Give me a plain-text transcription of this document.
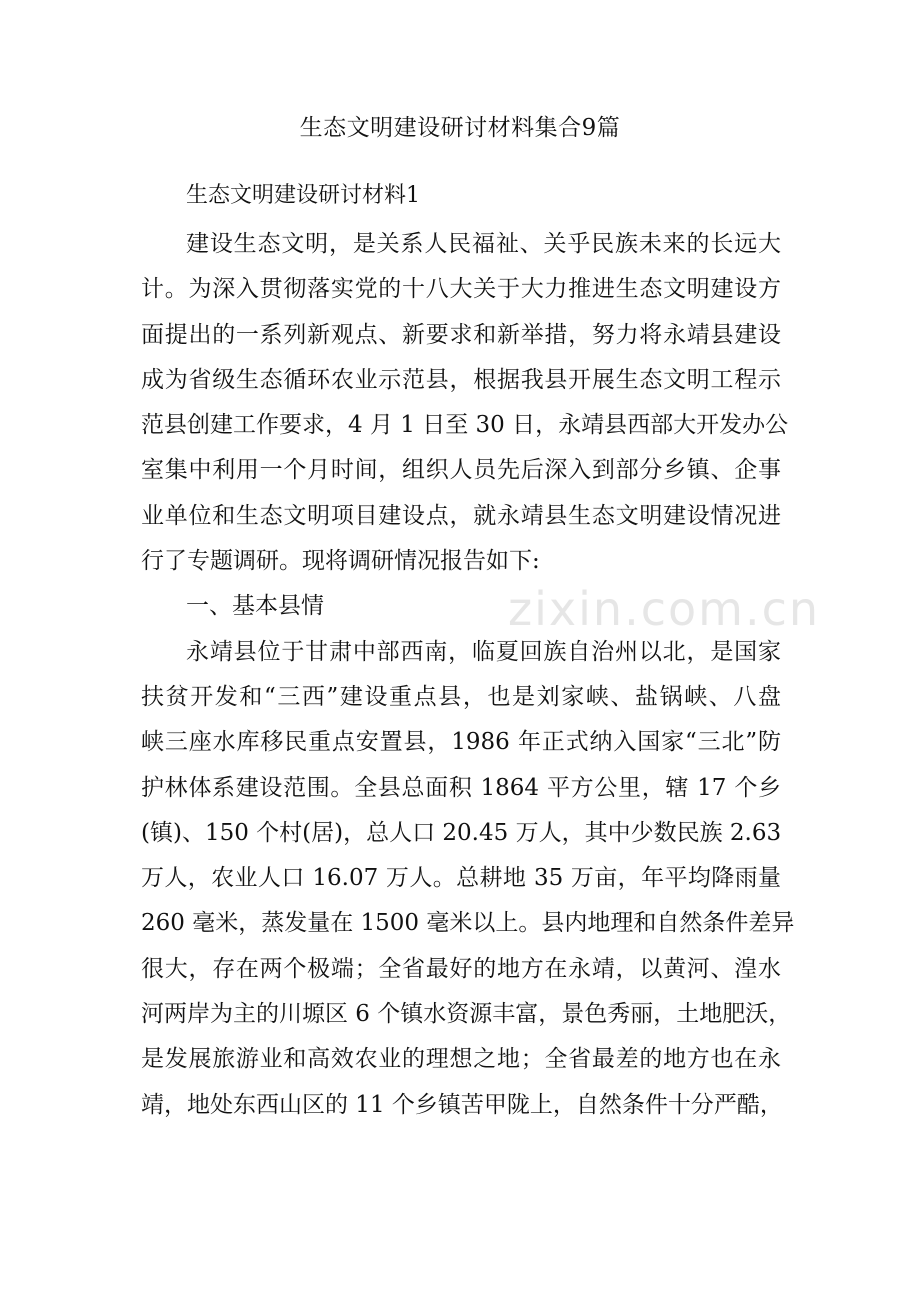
zixin.com.cn
生态文明建设研讨材料集合9篇
生态文明建设研讨材料1
建设生态文明，是关系人民福祉、关乎民族未来的长远大
计。为深入贯彻落实党的十八大关于大力推进生态文明建设方
面提出的一系列新观点、新要求和新举措，努力将永靖县建设
成为省级生态循环农业示范县，根据我县开展生态文明工程示
范县创建工作要求，4 月 1 日至 30 日，永靖县西部大开发办公
室集中利用一个月时间，组织人员先后深入到部分乡镇、企事
业单位和生态文明项目建设点，就永靖县生态文明建设情况进
行了专题调研。现将调研情况报告如下:
一、基本县情
永靖县位于甘肃中部西南，临夏回族自治州以北，是国家
扶贫开发和“三西”建设重点县，也是刘家峡、盐锅峡、八盘
峡三座水库移民重点安置县，1986 年正式纳入国家“三北”防
护林体系建设范围。全县总面积 1864 平方公里，辖 17 个乡
(镇)、150 个村(居)，总人口 20.45 万人，其中少数民族 2.63
万人，农业人口 16.07 万人。总耕地 35 万亩，年平均降雨量
260 毫米，蒸发量在 1500 毫米以上。县内地理和自然条件差异
很大，存在两个极端；全省最好的地方在永靖，以黄河、湟水
河两岸为主的川塬区 6 个镇水资源丰富，景色秀丽，土地肥沃，
是发展旅游业和高效农业的理想之地；全省最差的地方也在永
靖，地处东西山区的 11 个乡镇苦甲陇上，自然条件十分严酷，
